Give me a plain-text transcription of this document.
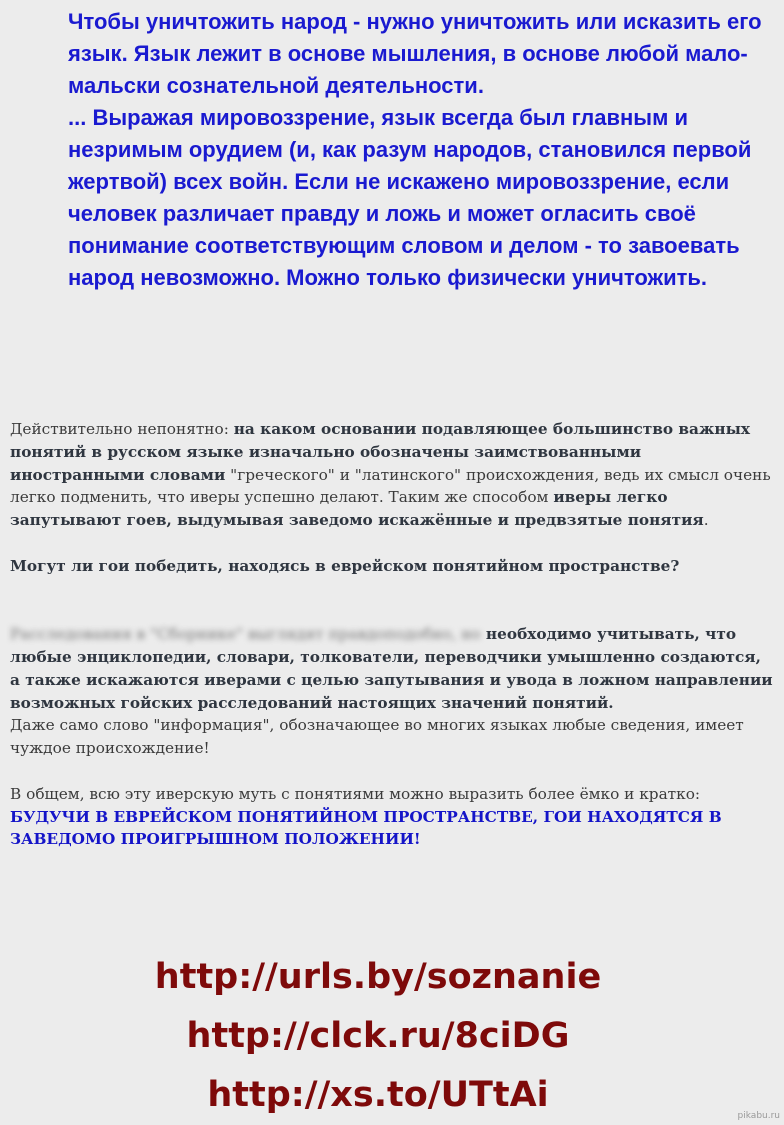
Чтобы уничтожить народ - нужно уничтожить или исказить его язык. Язык лежит в основе мышления, в основе любой мало-мальски сознательной деятельности.

... Выражая мировоззрение, язык всегда был главным и незримым орудием (и, как разум народов, становился первой жертвой) всех войн. Если не искажено мировоззрение, если человек различает правду и ложь и может огласить своё понимание соответствующим словом и делом - то завоевать народ невозможно. Можно только физически уничтожить.

Действительно непонятно: на каком основании подавляющее большинство важных понятий в русском языке изначально обозначены заимствованными иностранными словами "греческого" и "латинского" происхождения, ведь их смысл очень легко подменить, что иверы успешно делают. Таким же способом иверы легко запутывают гоев, выдумывая заведомо искажённые и предвзятые понятия.

Могут ли гои победить, находясь в еврейском понятийном пространстве?

Расследования в "Сборнике" выглядят правдоподобно, но необходимо учитывать, что любые энциклопедии, словари, толкователи, переводчики умышленно создаются, а также искажаются иверами с целью запутывания и увода в ложном направлении возможных гойских расследований настоящих значений понятий.

Даже само слово "информация", обозначающее во многих языках любые сведения, имеет чуждое происхождение!

В общем, всю эту иверскую муть с понятиями можно выразить более ёмко и кратко:

БУДУЧИ В ЕВРЕЙСКОМ ПОНЯТИЙНОМ ПРОСТРАНСТВЕ, ГОИ НАХОДЯТСЯ В ЗАВЕДОМО ПРОИГРЫШНОМ ПОЛОЖЕНИИ!

http://urls.by/soznanie
http://clck.ru/8ciDG
http://xs.to/UTtAi
pikabu.ru
